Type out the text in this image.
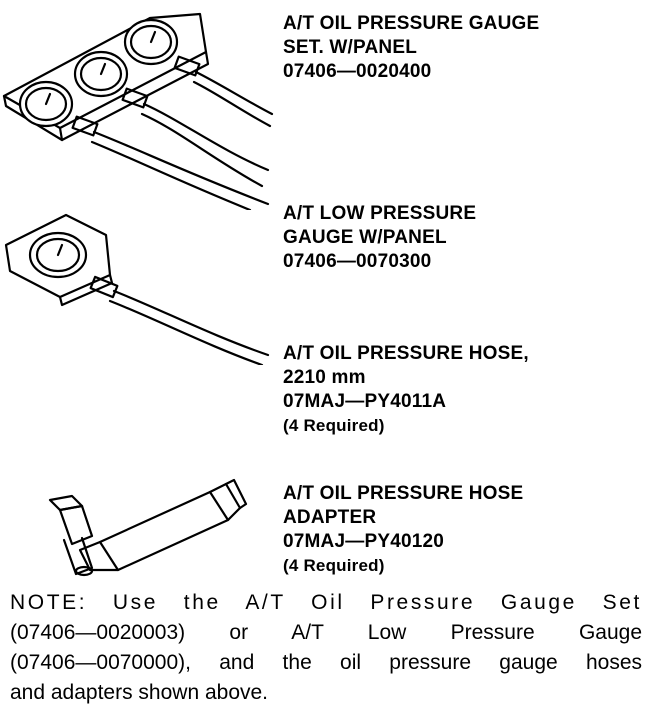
A/T OIL PRESSURE GAUGE
SET. W/PANEL
07406—0020400
A/T LOW PRESSURE
GAUGE W/PANEL
07406—0070300
A/T OIL PRESSURE HOSE,
2210 mm
07MAJ—PY4011A
(4 Required)
A/T OIL PRESSURE HOSE
ADAPTER
07MAJ—PY40120
(4 Required)
NOTE: Use the A/T Oil Pressure Gauge Set
(07406—0020003) or A/T Low Pressure Gauge
(07406—0070000), and the oil pressure gauge hoses
and adapters shown above.
